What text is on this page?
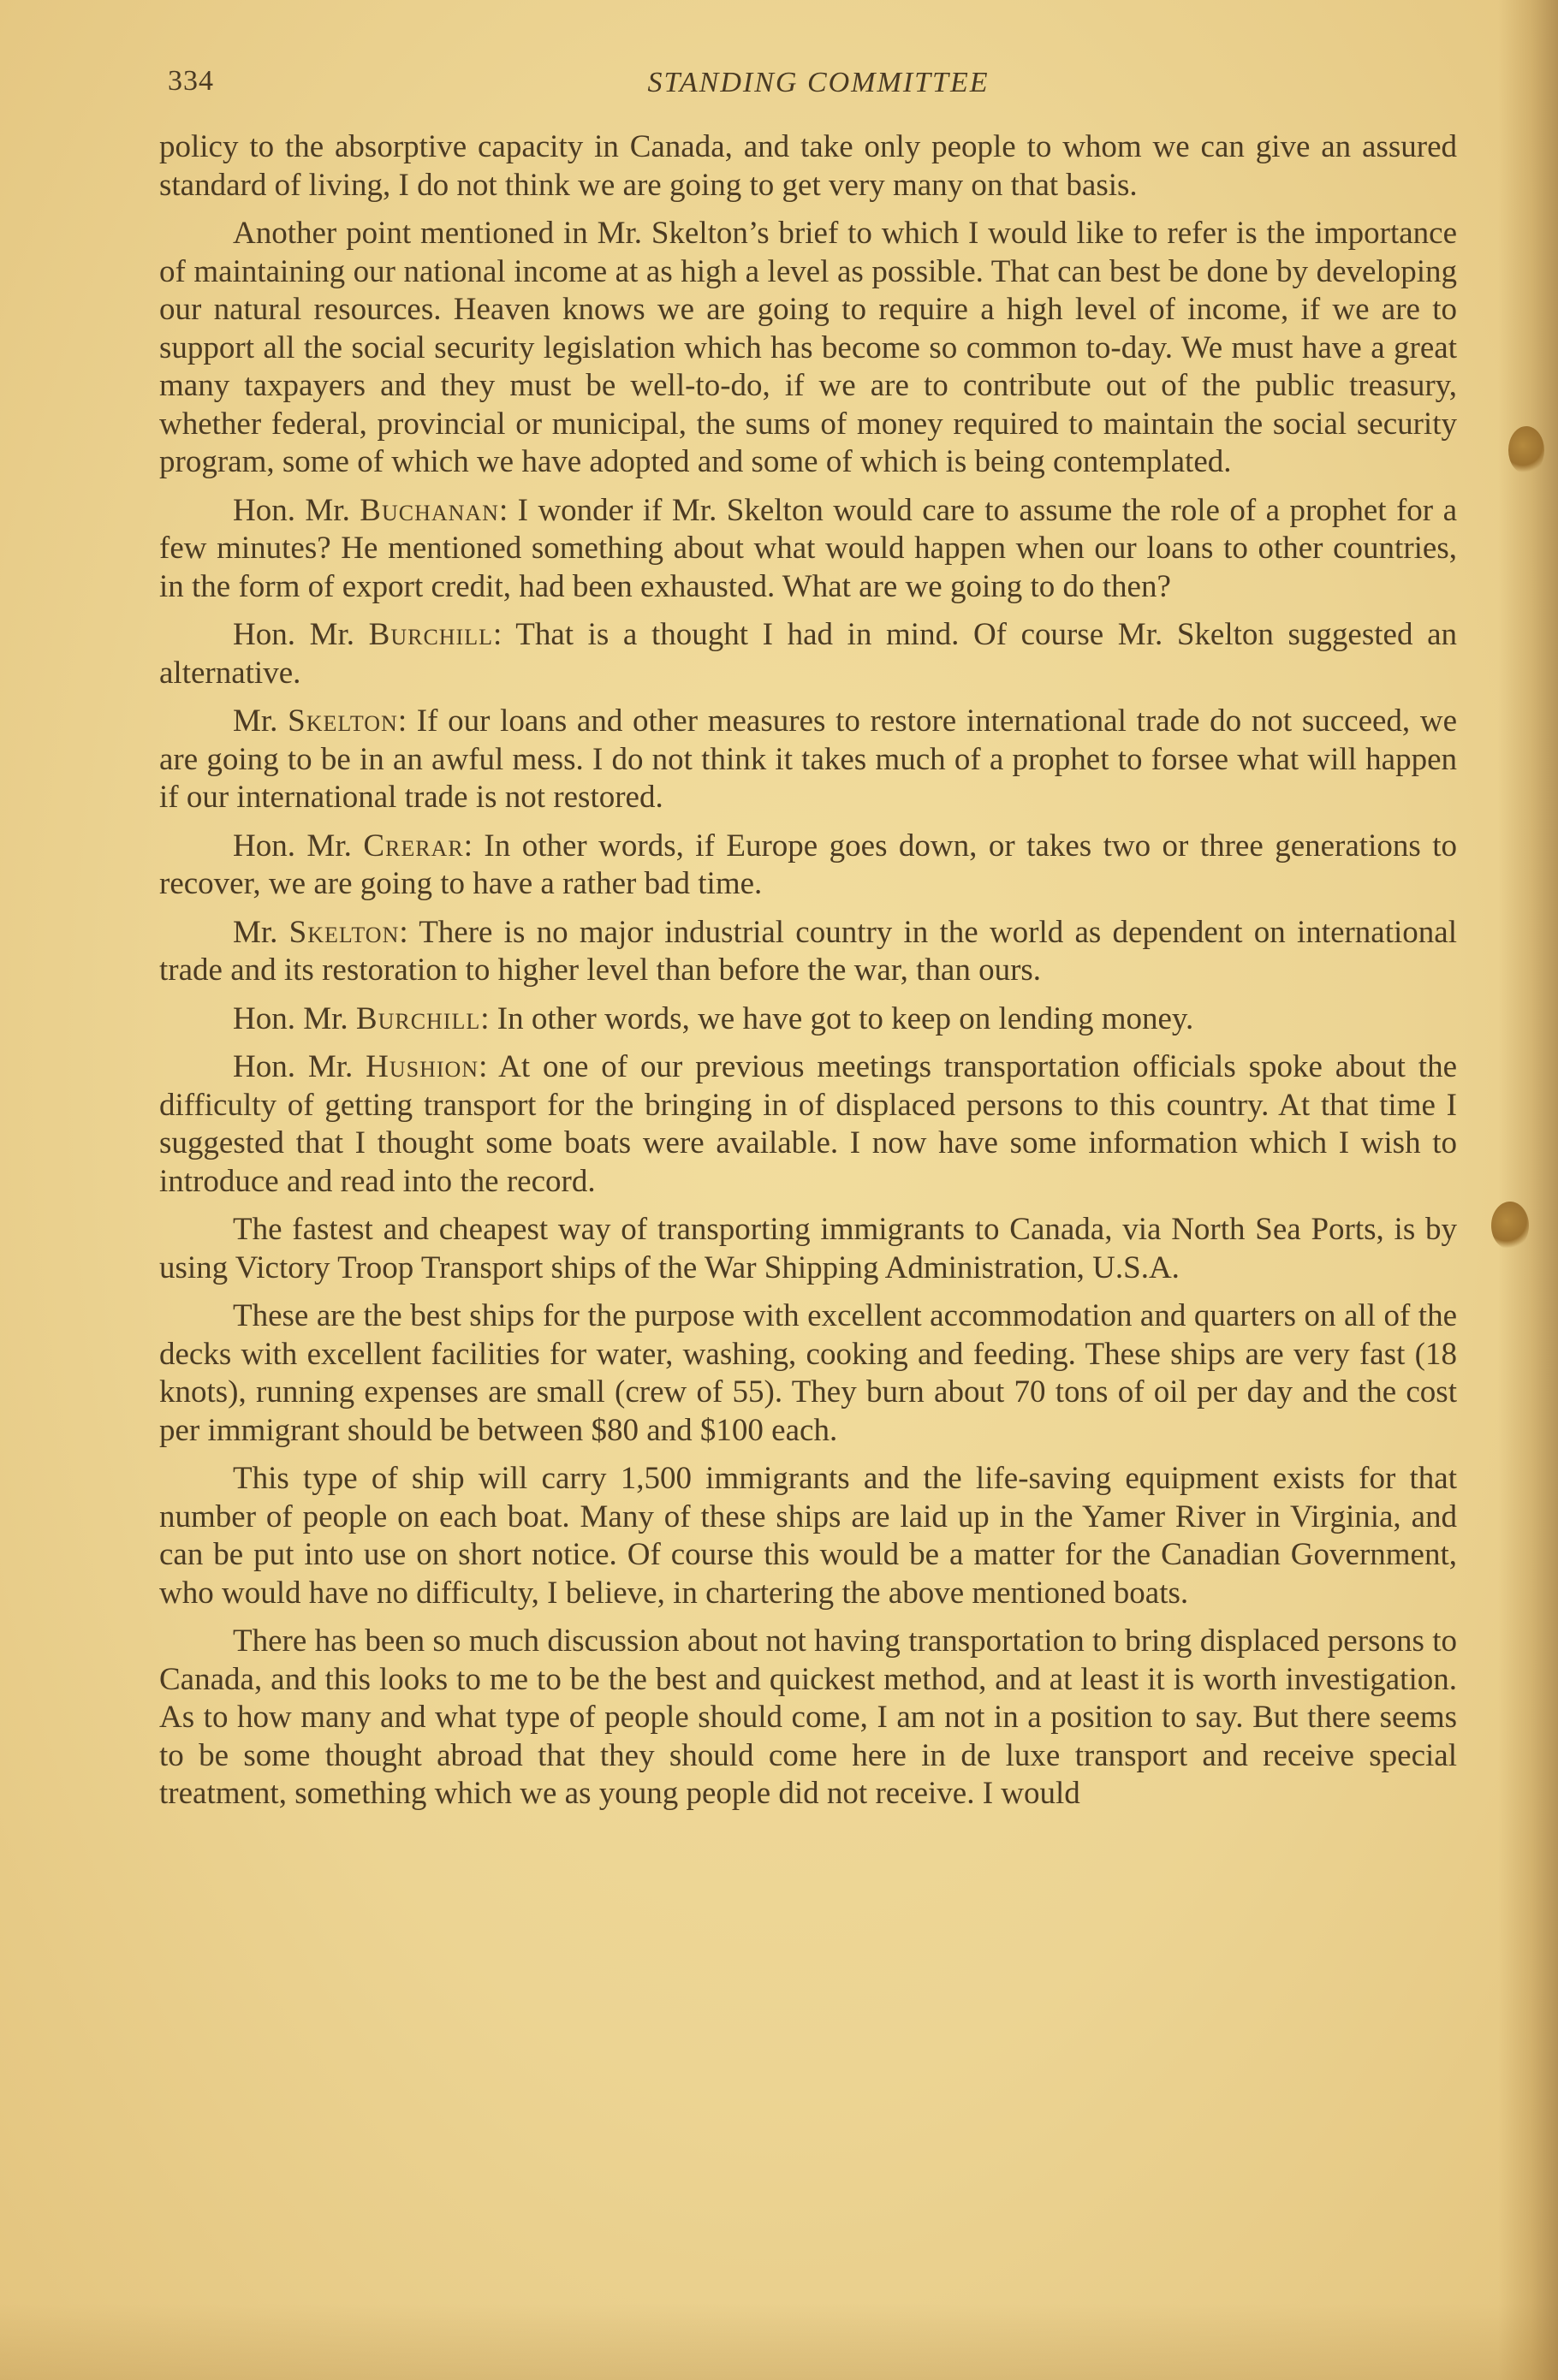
334	STANDING COMMITTEE

policy to the absorptive capacity in Canada, and take only people to whom we can give an assured standard of living, I do not think we are going to get very many on that basis.

Another point mentioned in Mr. Skelton’s brief to which I would like to refer is the importance of maintaining our national income at as high a level as possible. That can best be done by developing our natural resources. Heaven knows we are going to require a high level of income, if we are to support all the social security legislation which has become so common to-day. We must have a great many taxpayers and they must be well-to-do, if we are to contribute out of the public treasury, whether federal, provincial or municipal, the sums of money required to maintain the social security program, some of which we have adopted and some of which is being contemplated.

Hon. Mr. Buchanan: I wonder if Mr. Skelton would care to assume the role of a prophet for a few minutes? He mentioned something about what would happen when our loans to other countries, in the form of export credit, had been exhausted. What are we going to do then?

Hon. Mr. Burchill: That is a thought I had in mind. Of course Mr. Skelton suggested an alternative.

Mr. Skelton: If our loans and other measures to restore international trade do not succeed, we are going to be in an awful mess. I do not think it takes much of a prophet to forsee what will happen if our international trade is not restored.

Hon. Mr. Crerar: In other words, if Europe goes down, or takes two or three generations to recover, we are going to have a rather bad time.

Mr. Skelton: There is no major industrial country in the world as dependent on international trade and its restoration to higher level than before the war, than ours.

Hon. Mr. Burchill: In other words, we have got to keep on lending money.

Hon. Mr. Hushion: At one of our previous meetings transportation officials spoke about the difficulty of getting transport for the bringing in of displaced persons to this country. At that time I suggested that I thought some boats were available. I now have some information which I wish to introduce and read into the record.

The fastest and cheapest way of transporting immigrants to Canada, via North Sea Ports, is by using Victory Troop Transport ships of the War Shipping Administration, U.S.A.

These are the best ships for the purpose with excellent accommodation and quarters on all of the decks with excellent facilities for water, washing, cooking and feeding. These ships are very fast (18 knots), running expenses are small (crew of 55). They burn about 70 tons of oil per day and the cost per immigrant should be between $80 and $100 each.

This type of ship will carry 1,500 immigrants and the life-saving equipment exists for that number of people on each boat. Many of these ships are laid up in the Yamer River in Virginia, and can be put into use on short notice. Of course this would be a matter for the Canadian Government, who would have no difficulty, I believe, in chartering the above mentioned boats.

There has been so much discussion about not having transportation to bring displaced persons to Canada, and this looks to me to be the best and quickest method, and at least it is worth investigation. As to how many and what type of people should come, I am not in a position to say. But there seems to be some thought abroad that they should come here in de luxe transport and receive special treatment, something which we as young people did not receive. I would
